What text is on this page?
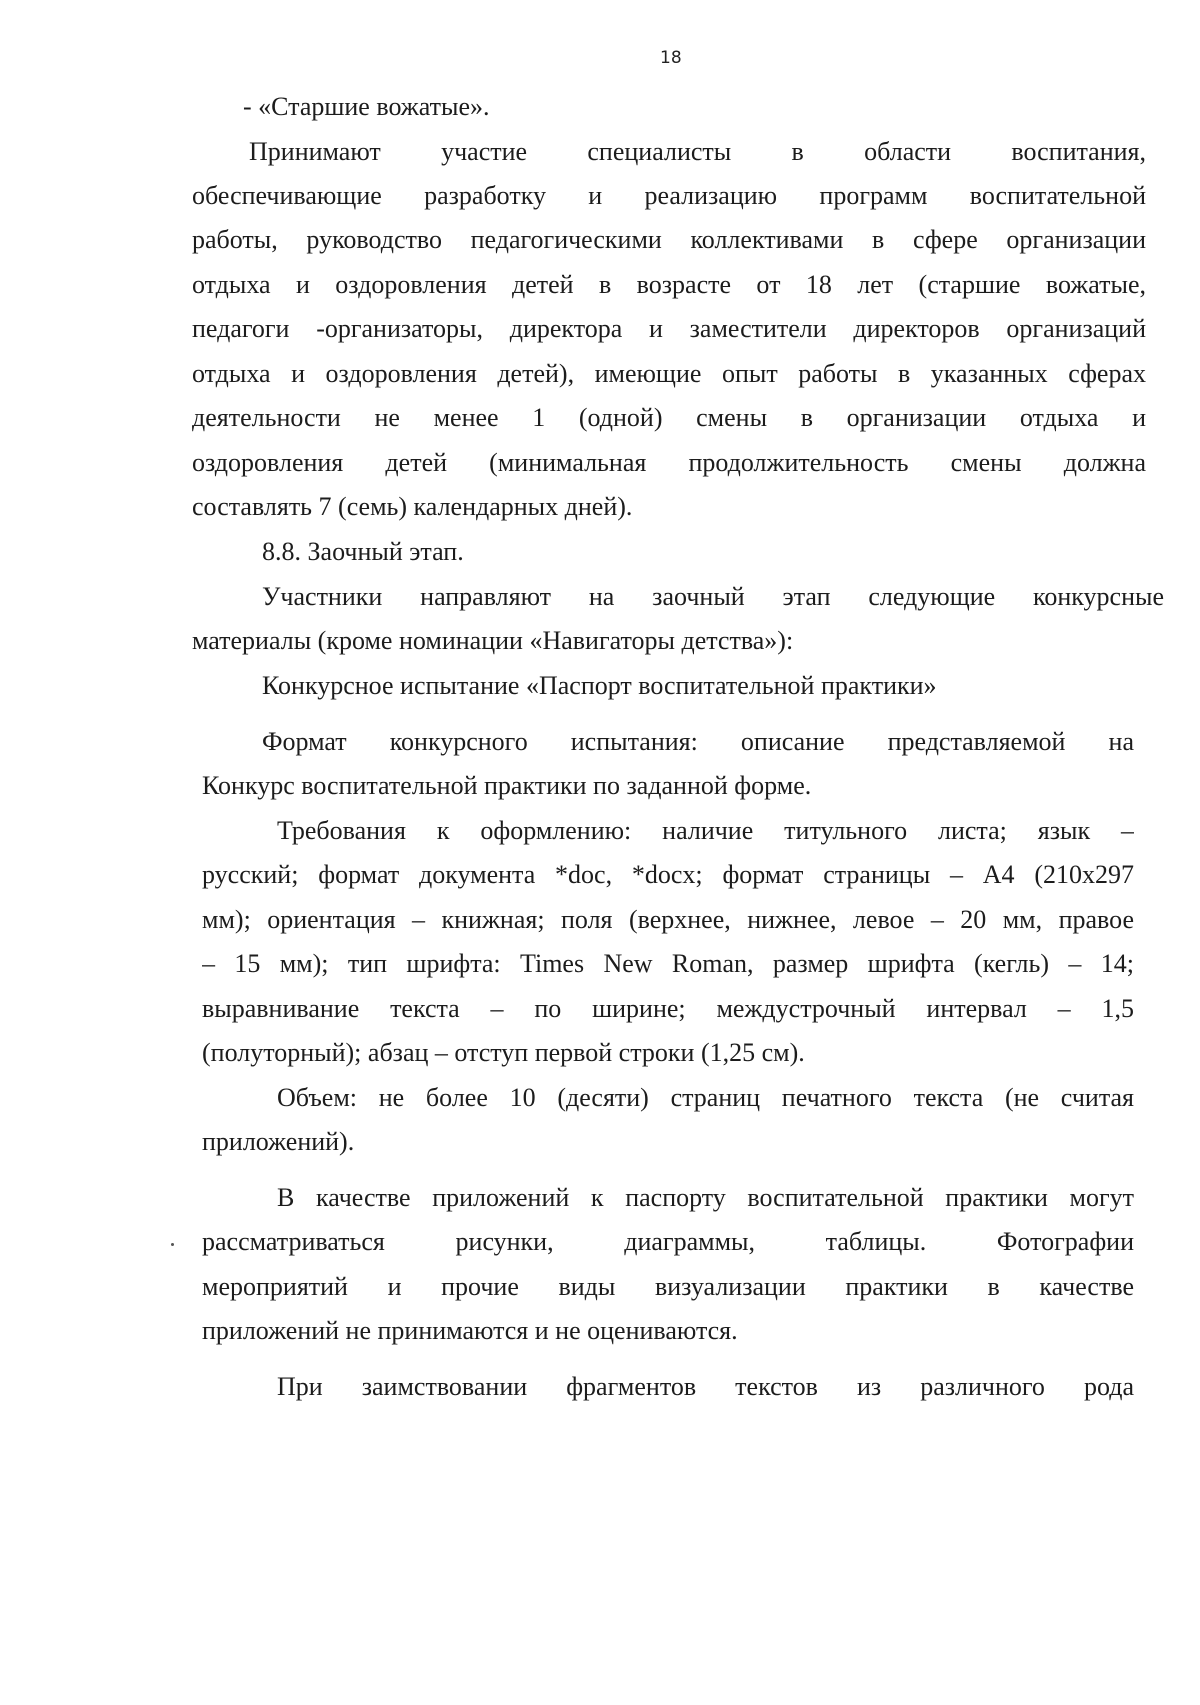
18

- «Старшие вожатые».

Принимают участие специалисты в области воспитания,

обеспечивающие разработку и реализацию программ воспитательной

работы, руководство педагогическими коллективами в сфере организации

отдыха и оздоровления детей в возрасте от 18 лет (старшие вожатые,

педагоги -организаторы, директора и заместители директоров организаций

отдыха и оздоровления детей), имеющие опыт работы в указанных сферах

деятельности не менее 1 (одной) смены в организации отдыха и

оздоровления детей (минимальная продолжительность смены должна

составлять 7 (семь) календарных дней).

8.8. Заочный этап.

Участники направляют на заочный этап следующие конкурсные

материалы (кроме номинации «Навигаторы детства»):

Конкурсное испытание «Паспорт воспитательной практики»

Формат конкурсного испытания: описание представляемой на

Конкурс воспитательной практики по заданной форме.

Требования к оформлению: наличие титульного листа; язык –

русский; формат документа *doc, *docx; формат страницы – А4 (210x297

мм); ориентация – книжная; поля (верхнее, нижнее, левое – 20 мм, правое

– 15 мм); тип шрифта: Times New Roman, размер шрифта (кегль) – 14;

выравнивание текста – по ширине; междустрочный интервал – 1,5

(полуторный); абзац – отступ первой строки (1,25 см).

Объем: не более 10 (десяти) страниц печатного текста (не считая

приложений).

В качестве приложений к паспорту воспитательной практики могут

рассматриваться рисунки, диаграммы, таблицы. Фотографии

мероприятий и прочие виды визуализации практики в качестве

приложений не принимаются и не оцениваются.

При заимствовании фрагментов текстов из различного рода
